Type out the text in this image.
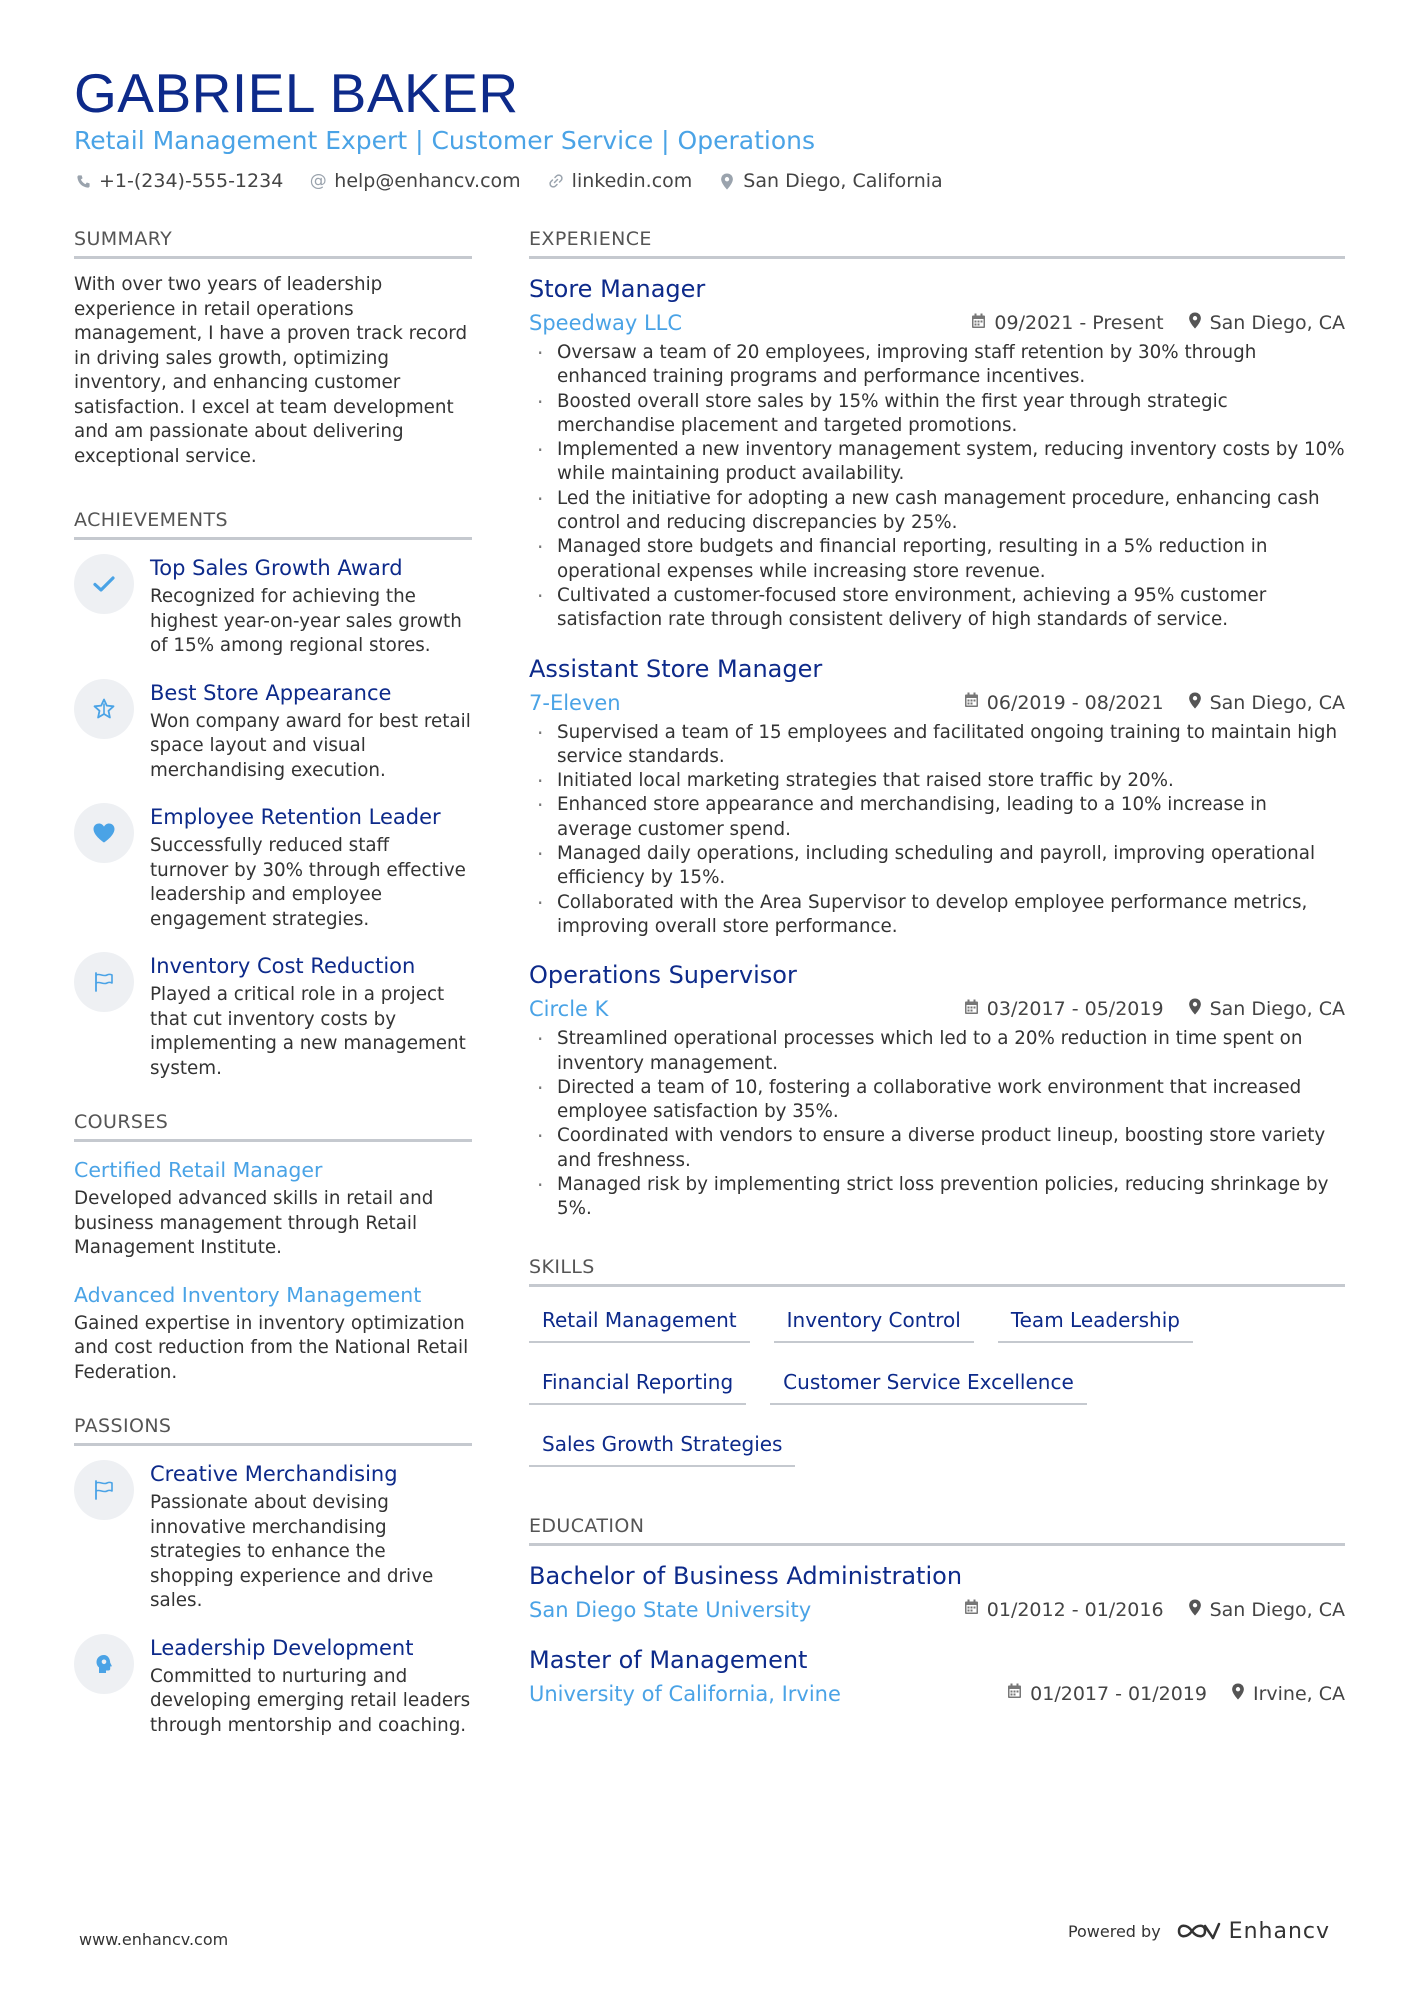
GABRIEL BAKER
Retail Management Expert | Customer Service | Operations
+1-(234)-555-1234 @ help@enhancv.com	linkedin.com	San Diego, California
SUMMARY
With over two years of leadership experience in retail operations management, I have a proven track record in driving sales growth, optimizing inventory, and enhancing customer satisfaction. I excel at team development and am passionate about delivering exceptional service.
ACHIEVEMENTS
Top Sales Growth Award
Recognized for achieving the highest year-on-year sales growth of 15% among regional stores.
Best Store Appearance
Won company award for best retail space layout and visual merchandising execution.
Employee Retention Leader
Successfully reduced staff turnover by 30% through effective leadership and employee engagement strategies.
Inventory Cost Reduction
Played a critical role in a project that cut inventory costs by implementing a new management system.
COURSES
Certified Retail Manager
Developed advanced skills in retail and business management through Retail Management Institute.
Advanced Inventory Management
Gained expertise in inventory optimization and cost reduction from the National Retail Federation.
PASSIONS
Creative Merchandising
Passionate about devising innovative merchandising strategies to enhance the shopping experience and drive sales.
Leadership Development
Committed to nurturing and developing emerging retail leaders through mentorship and coaching.
EXPERIENCE
Store Manager
Speedway LLC	09/2021 - Present San Diego, CA
· Oversaw a team of 20 employees, improving staff retention by 30% through enhanced training programs and performance incentives.
· Boosted overall store sales by 15% within the first year through strategic merchandise placement and targeted promotions.
· Implemented a new inventory management system, reducing inventory costs by 10% while maintaining product availability.
· Led the initiative for adopting a new cash management procedure, enhancing cash control and reducing discrepancies by 25%.
· Managed store budgets and financial reporting, resulting in a 5% reduction in operational expenses while increasing store revenue.
· Cultivated a customer-focused store environment, achieving a 95% customer satisfaction rate through consistent delivery of high standards of service.
Assistant Store Manager
7-Eleven	06/2019 - 08/2021 San Diego, CA
· Supervised a team of 15 employees and facilitated ongoing training to maintain high service standards.
· Initiated local marketing strategies that raised store traffic by 20%.
· Enhanced store appearance and merchandising, leading to a 10% increase in average customer spend.
· Managed daily operations, including scheduling and payroll, improving operational efficiency by 15%.
· Collaborated with the Area Supervisor to develop employee performance metrics, improving overall store performance.
Operations Supervisor
Circle K	03/2017 - 05/2019 San Diego, CA
· Streamlined operational processes which led to a 20% reduction in time spent on inventory management.
· Directed a team of 10, fostering a collaborative work environment that increased employee satisfaction by 35%.
· Coordinated with vendors to ensure a diverse product lineup, boosting store variety and freshness.
· Managed risk by implementing strict loss prevention policies, reducing shrinkage by 5%.
SKILLS
Retail Management	Inventory Control	Team Leadership
Financial Reporting	Customer Service Excellence
Sales Growth Strategies
EDUCATION
Bachelor of Business Administration
San Diego State University	01/2012 - 01/2016 San Diego, CA
Master of Management
University of California, Irvine	01/2017 - 01/2019 Irvine, CA
www.enhancv.com	Powered by	Enhancv
